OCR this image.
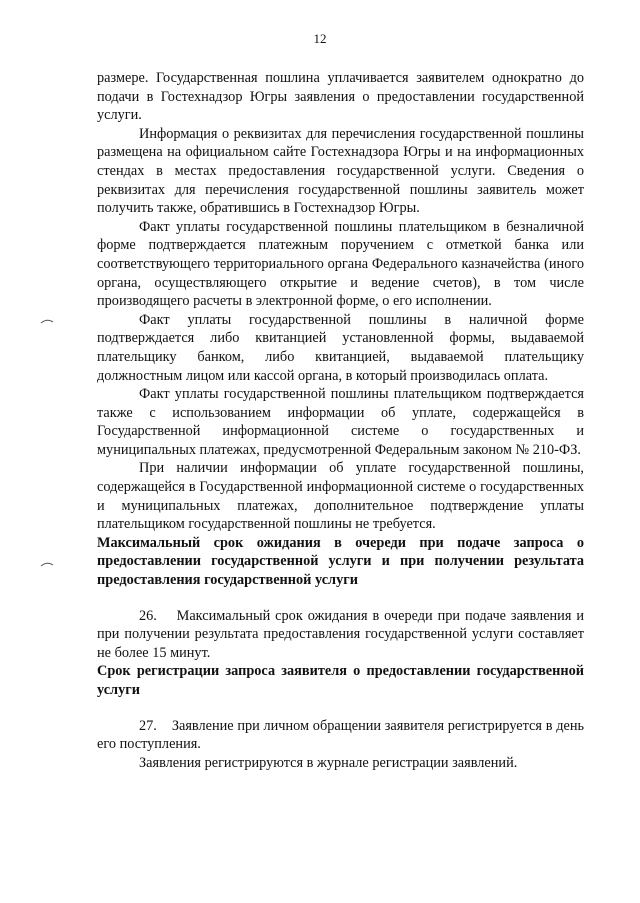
12

размере. Государственная пошлина уплачивается заявителем однократно до подачи в Гостехнадзор Югры заявления о предоставлении государственной услуги.

Информация о реквизитах для перечисления государственной пошлины размещена на официальном сайте Гостехнадзора Югры и на информационных стендах в местах предоставления государственной услуги. Сведения о реквизитах для перечисления государственной пошлины заявитель может получить также, обратившись в Гостехнадзор Югры.

Факт уплаты государственной пошлины плательщиком в безналичной форме подтверждается платежным поручением с отметкой банка или соответствующего территориального органа Федерального казначейства (иного органа, осуществляющего открытие и ведение счетов), в том числе производящего расчеты в электронной форме, о его исполнении.

Факт уплаты государственной пошлины в наличной форме подтверждается либо квитанцией установленной формы, выдаваемой плательщику банком, либо квитанцией, выдаваемой плательщику должностным лицом или кассой органа, в который производилась оплата.

Факт уплаты государственной пошлины плательщиком подтверждается также с использованием информации об уплате, содержащейся в Государственной информационной системе о государственных и муниципальных платежах, предусмотренной Федеральным законом № 210-ФЗ.

При наличии информации об уплате государственной пошлины, содержащейся в Государственной информационной системе о государственных и муниципальных платежах, дополнительное подтверждение уплаты плательщиком государственной пошлины не требуется.

Максимальный срок ожидания в очереди при подаче запроса о предоставлении государственной услуги и при получении результата предоставления государственной услуги

26.    Максимальный срок ожидания в очереди при подаче заявления и при получении результата предоставления государственной услуги составляет не более 15 минут.

Срок регистрации запроса заявителя о предоставлении государственной услуги

27.    Заявление при личном обращении заявителя регистрируется в день его поступления.

Заявления регистрируются в журнале регистрации заявлений.
